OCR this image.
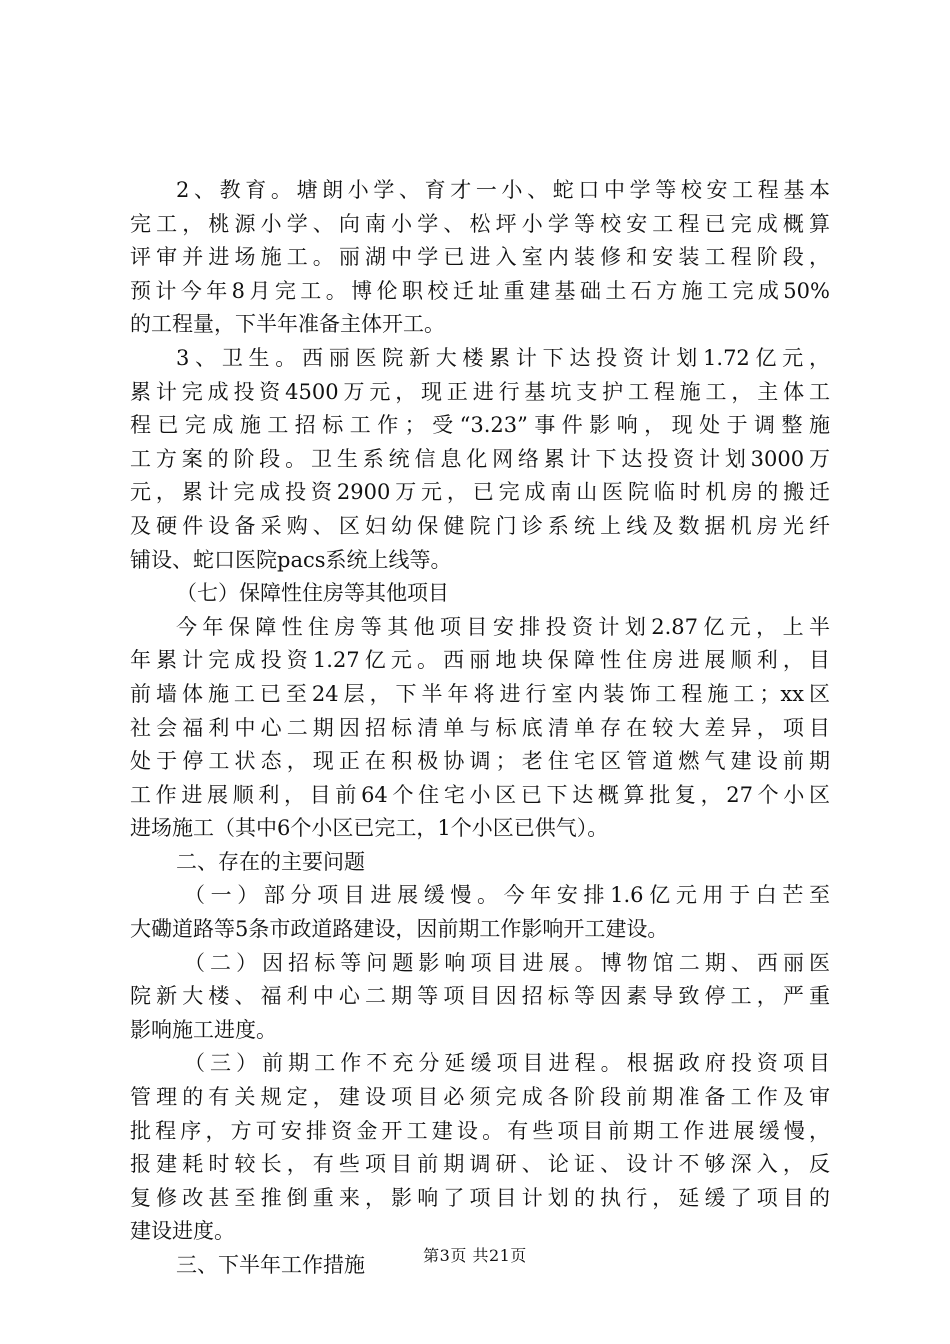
2、教育。塘朗小学、育才一小、蛇口中学等校安工程基本
完工，桃源小学、向南小学、松坪小学等校安工程已完成概算
评审并进场施工。丽湖中学已进入室内装修和安装工程阶段，
预计今年8月完工。博伦职校迁址重建基础土石方施工完成50%
的工程量，下半年准备主体开工。
3、卫生。西丽医院新大楼累计下达投资计划1.72亿元，
累计完成投资4500万元，现正进行基坑支护工程施工，主体工
程已完成施工招标工作；受“3.23”事件影响，现处于调整施
工方案的阶段。卫生系统信息化网络累计下达投资计划3000万
元，累计完成投资2900万元，已完成南山医院临时机房的搬迁
及硬件设备采购、区妇幼保健院门诊系统上线及数据机房光纤
铺设、蛇口医院pacs系统上线等。
（七）保障性住房等其他项目
今年保障性住房等其他项目安排投资计划2.87亿元，上半
年累计完成投资1.27亿元。西丽地块保障性住房进展顺利，目
前墙体施工已至24层，下半年将进行室内装饰工程施工；xx区
社会福利中心二期因招标清单与标底清单存在较大差异，项目
处于停工状态，现正在积极协调；老住宅区管道燃气建设前期
工作进展顺利，目前64个住宅小区已下达概算批复，27个小区
进场施工（其中6个小区已完工，1个小区已供气）。
二、存在的主要问题
（一）部分项目进展缓慢。今年安排1.6亿元用于白芒至
大磡道路等5条市政道路建设，因前期工作影响开工建设。
（二）因招标等问题影响项目进展。博物馆二期、西丽医
院新大楼、福利中心二期等项目因招标等因素导致停工，严重
影响施工进度。
（三）前期工作不充分延缓项目进程。根据政府投资项目
管理的有关规定，建设项目必须完成各阶段前期准备工作及审
批程序，方可安排资金开工建设。有些项目前期工作进展缓慢，
报建耗时较长，有些项目前期调研、论证、设计不够深入，反
复修改甚至推倒重来，影响了项目计划的执行，延缓了项目的
建设进度。
三、下半年工作措施	第3页 共21页
